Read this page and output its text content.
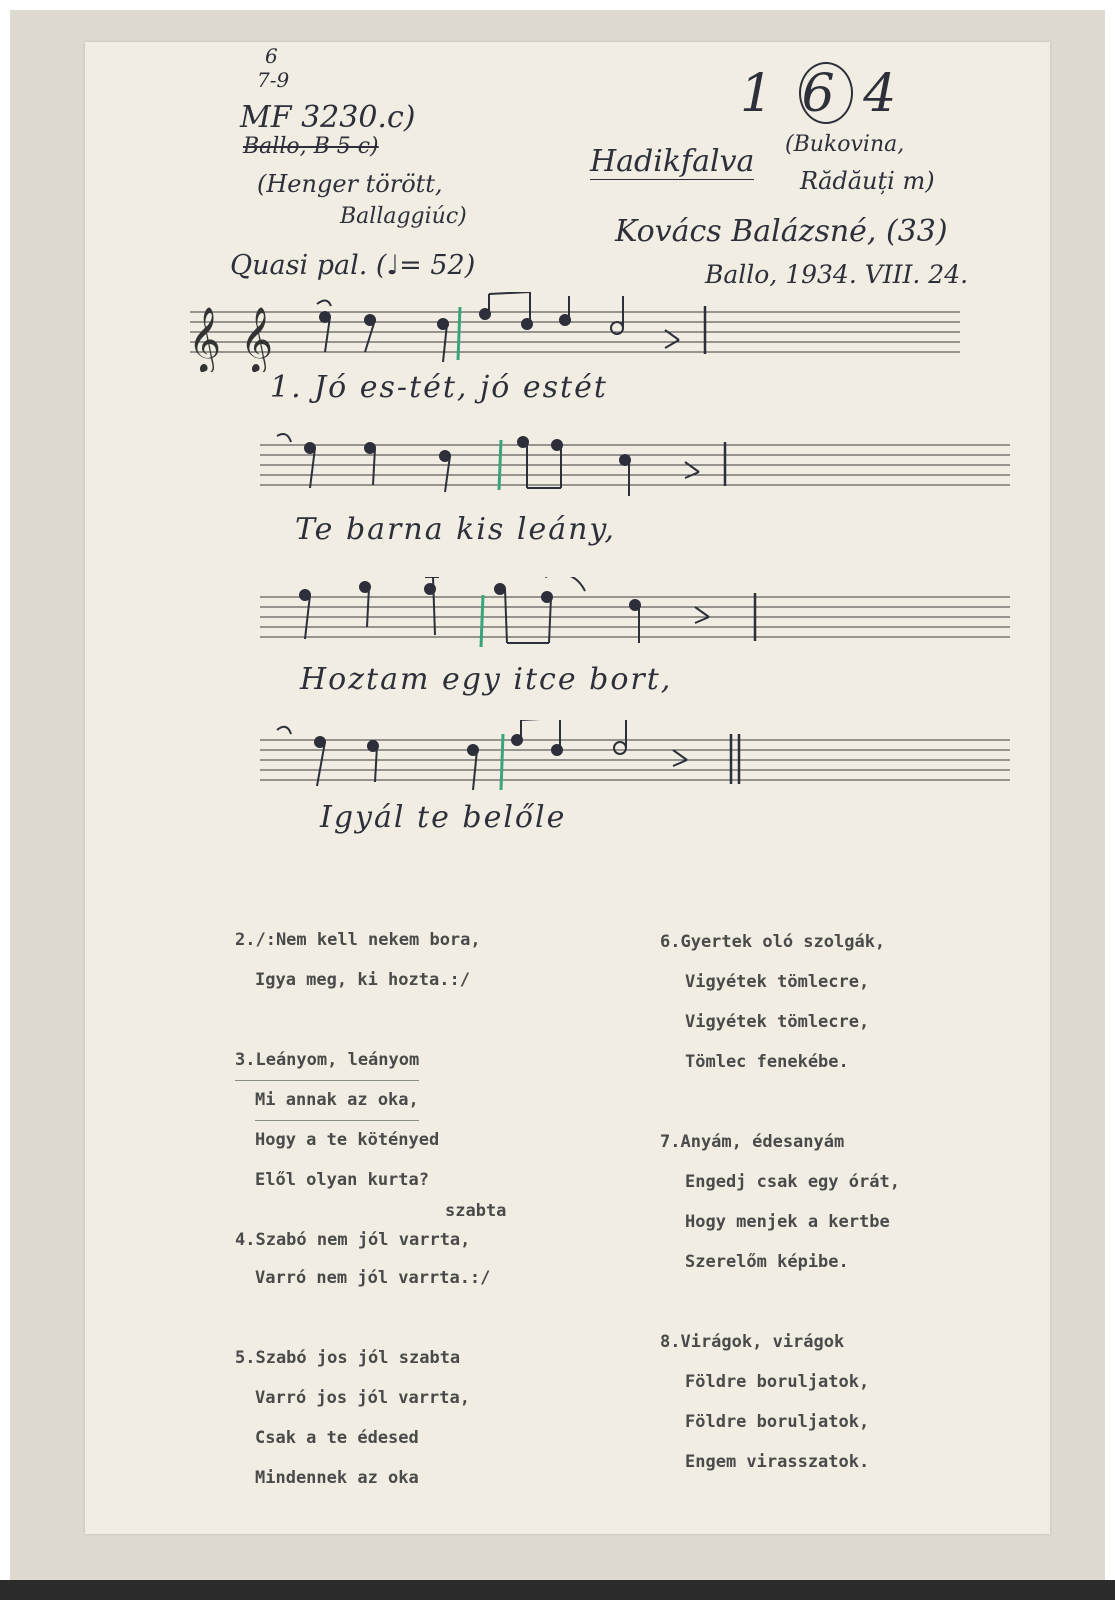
6
7-9
MF 3230.c)
Ballo, B 5 c)
(Henger törött,
Ballaggiúc)
Quasi pal. (♩= 52)
1 6 4
Hadikfalva (Bukovina,
Rădăuți m)
Kovács Balázsné, (33)
Ballo, 1934. VIII. 24.
𝄞 𝄞
1. Jó es-tét, jó estét
Te barna kis leány,
Hoztam egy itce bort,
Igyál te belőle
2./:Nem kell nekem bora,
Igya meg, ki hozta.:/
3.Leányom, leányom
Mi annak az oka,
Hogy a te kötényed
Elől olyan kurta?
szabta
4.Szabó nem jól varrta,
Varró nem jól varrta.:/
5.Szabó jos jól szabta
Varró jos jól varrta,
Csak a te édesed
Mindennek az oka
6.Gyertek oló szolgák,
Vigyétek tömlecre,
Vigyétek tömlecre,
Tömlec fenekébe.
7.Anyám, édesanyám
Engedj csak egy órát,
Hogy menjek a kertbe
Szerelőm képibe.
8.Virágok, virágok
Földre boruljatok,
Földre boruljatok,
Engem virasszatok.
